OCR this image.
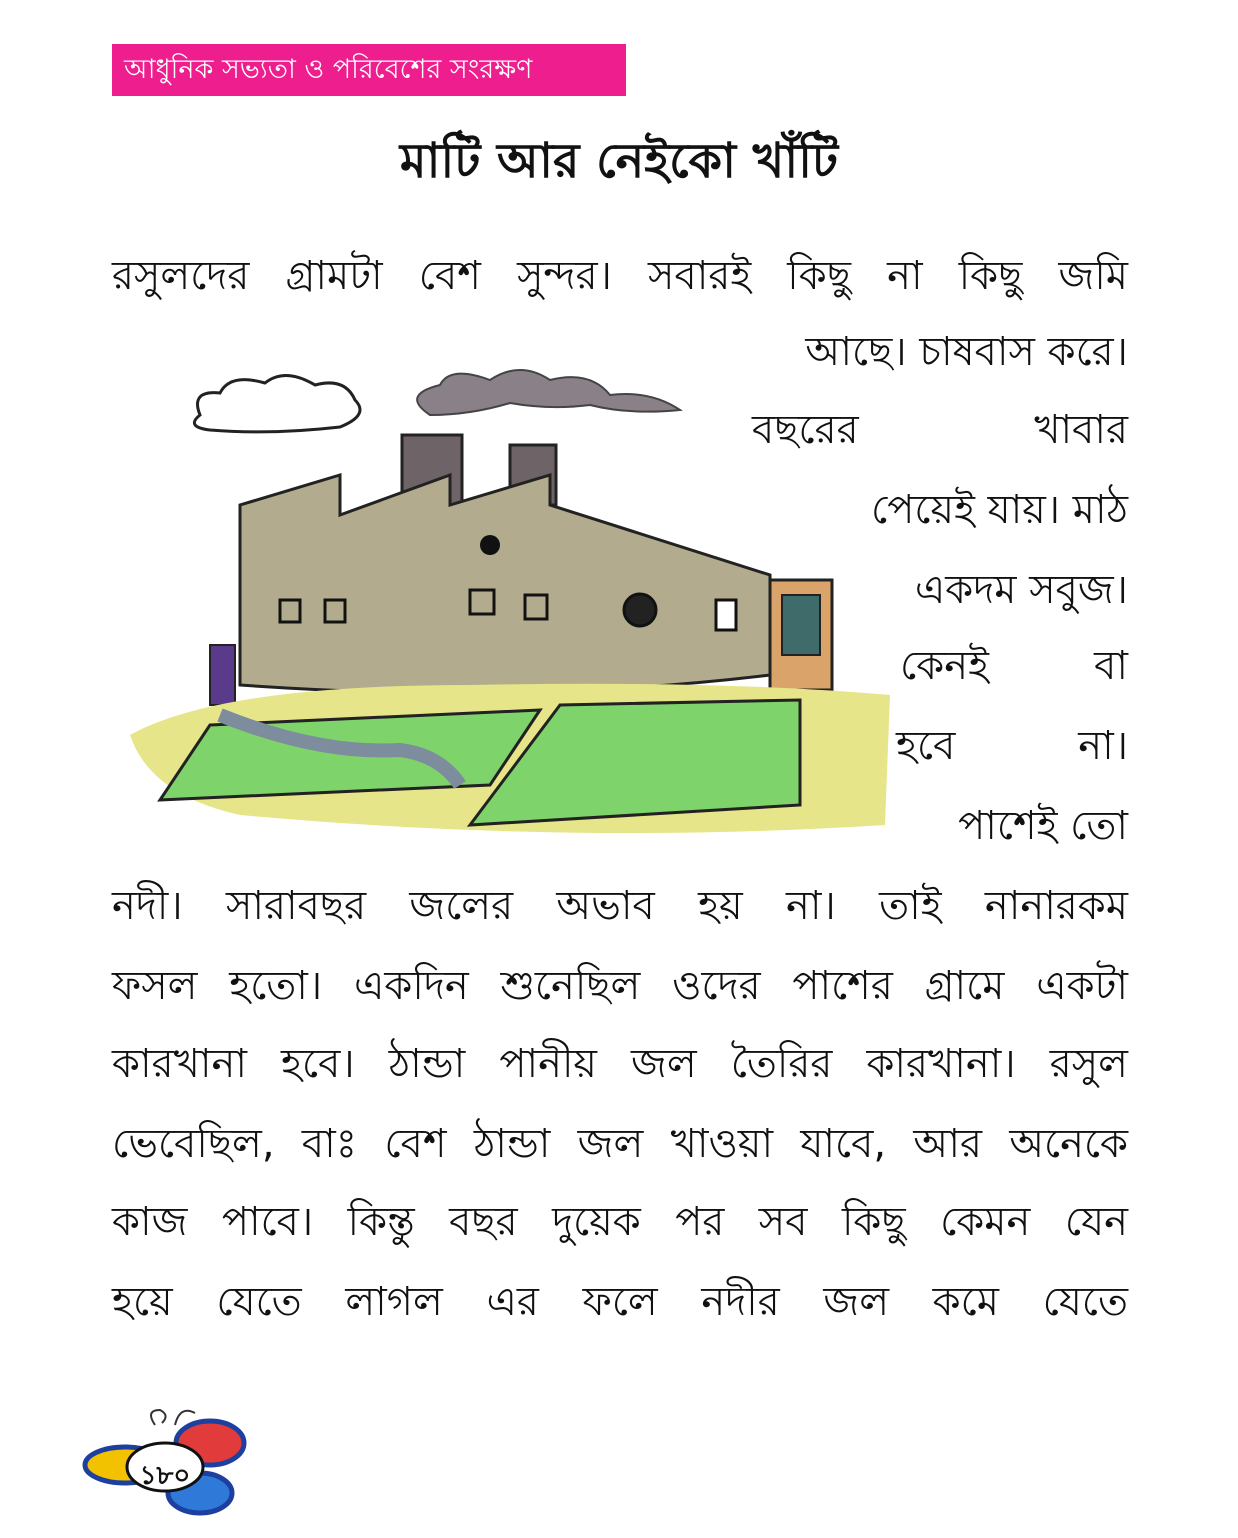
আধুনিক সভ্যতা ও পরিবেশের সংরক্ষণ
মাটি আর নেইকো খাঁটি
রসুলদের গ্রামটা বেশ সুন্দর। সবারই কিছু না কিছু জমি
আছে। চাষবাস করে।
বছরের	খাবার
পেয়েই যায়। মাঠ
একদম সবুজ।
কেনই	বা
হবে	না।
পাশেই তো
নদী। সারাবছর জলের অভাব হয় না। তাই নানারকম
ফসল হতো। একদিন শুনেছিল ওদের পাশের গ্রামে একটা
কারখানা হবে। ঠান্ডা পানীয় জল তৈরির কারখানা। রসুল
ভেবেছিল, বাঃ বেশ ঠান্ডা জল খাওয়া যাবে, আর অনেকে
কাজ পাবে। কিন্তু বছর দুয়েক পর সব কিছু কেমন যেন
হয়ে যেতে লাগল এর ফলে নদীর জল কমে যেতে
১৮০
